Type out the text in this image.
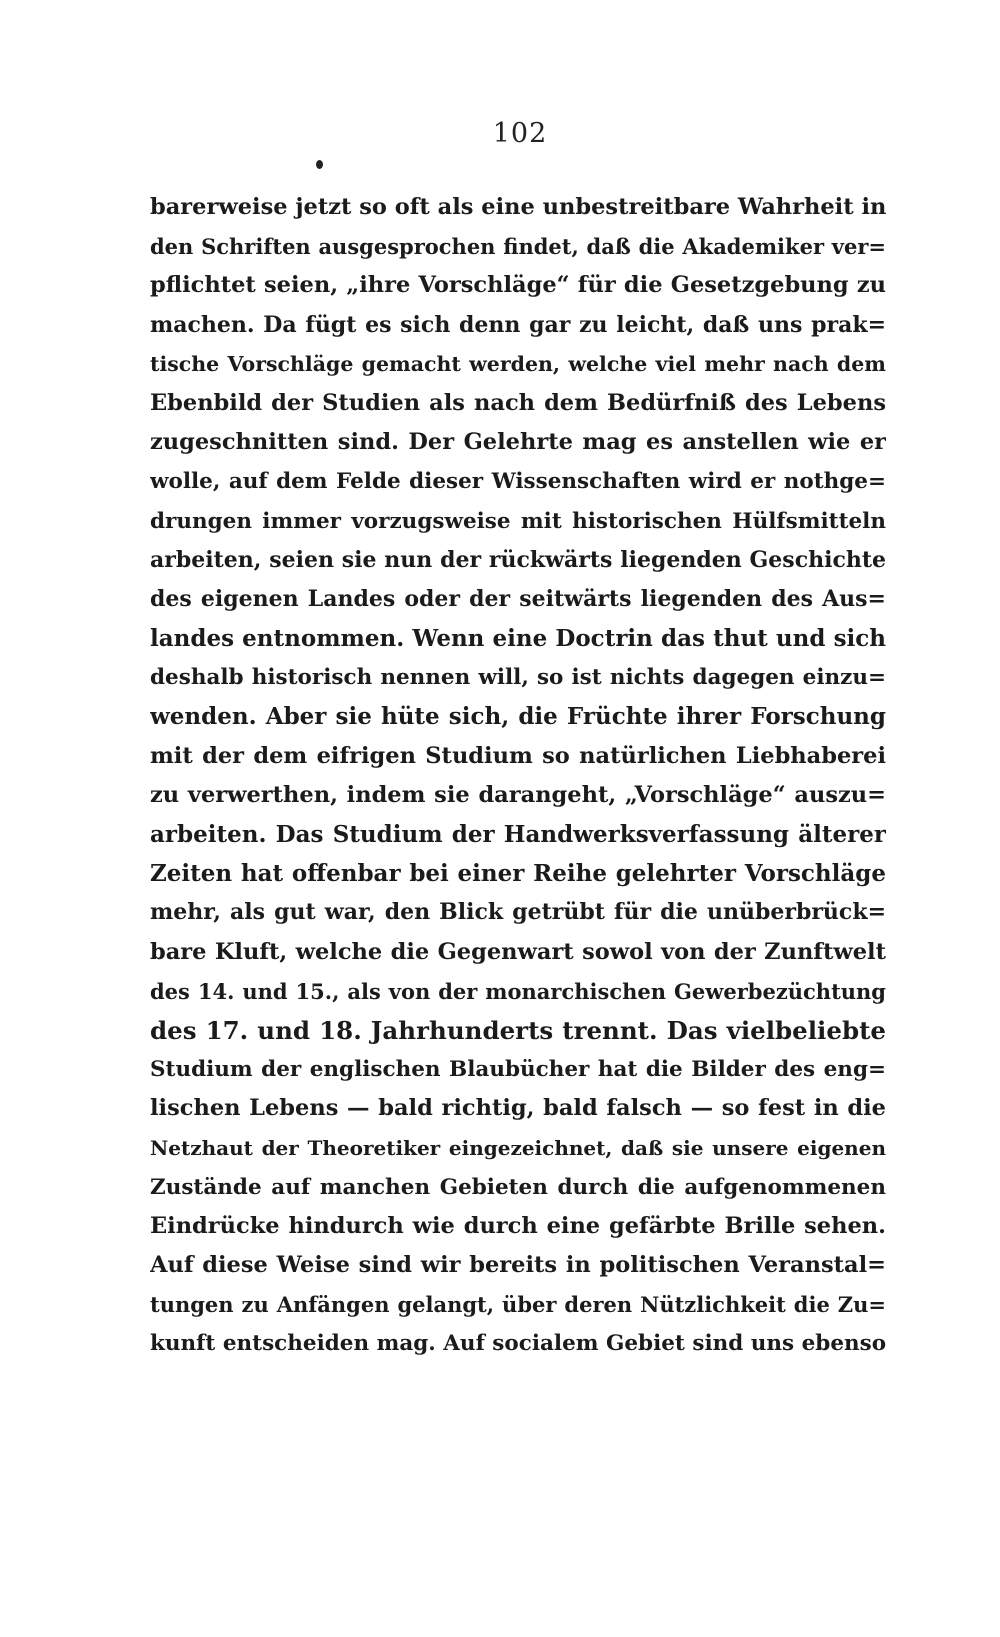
102
barerweise jetzt so oft als eine unbestreitbare Wahrheit in
den Schriften ausgesprochen findet, daß die Akademiker ver=
pflichtet seien, „ihre Vorschläge“ für die Gesetzgebung zu
machen. Da fügt es sich denn gar zu leicht, daß uns prak=
tische Vorschläge gemacht werden, welche viel mehr nach dem
Ebenbild der Studien als nach dem Bedürfniß des Lebens
zugeschnitten sind. Der Gelehrte mag es anstellen wie er
wolle, auf dem Felde dieser Wissenschaften wird er nothge=
drungen immer vorzugsweise mit historischen Hülfsmitteln
arbeiten, seien sie nun der rückwärts liegenden Geschichte
des eigenen Landes oder der seitwärts liegenden des Aus=
landes entnommen. Wenn eine Doctrin das thut und sich
deshalb historisch nennen will, so ist nichts dagegen einzu=
wenden. Aber sie hüte sich, die Früchte ihrer Forschung
mit der dem eifrigen Studium so natürlichen Liebhaberei
zu verwerthen, indem sie darangeht, „Vorschläge“ auszu=
arbeiten. Das Studium der Handwerksverfassung älterer
Zeiten hat offenbar bei einer Reihe gelehrter Vorschläge
mehr, als gut war, den Blick getrübt für die unüberbrück=
bare Kluft, welche die Gegenwart sowol von der Zunftwelt
des 14. und 15., als von der monarchischen Gewerbezüchtung
des 17. und 18. Jahrhunderts trennt. Das vielbeliebte
Studium der englischen Blaubücher hat die Bilder des eng=
lischen Lebens — bald richtig, bald falsch — so fest in die
Netzhaut der Theoretiker eingezeichnet, daß sie unsere eigenen
Zustände auf manchen Gebieten durch die aufgenommenen
Eindrücke hindurch wie durch eine gefärbte Brille sehen.
Auf diese Weise sind wir bereits in politischen Veranstal=
tungen zu Anfängen gelangt, über deren Nützlichkeit die Zu=
kunft entscheiden mag. Auf socialem Gebiet sind uns ebenso
